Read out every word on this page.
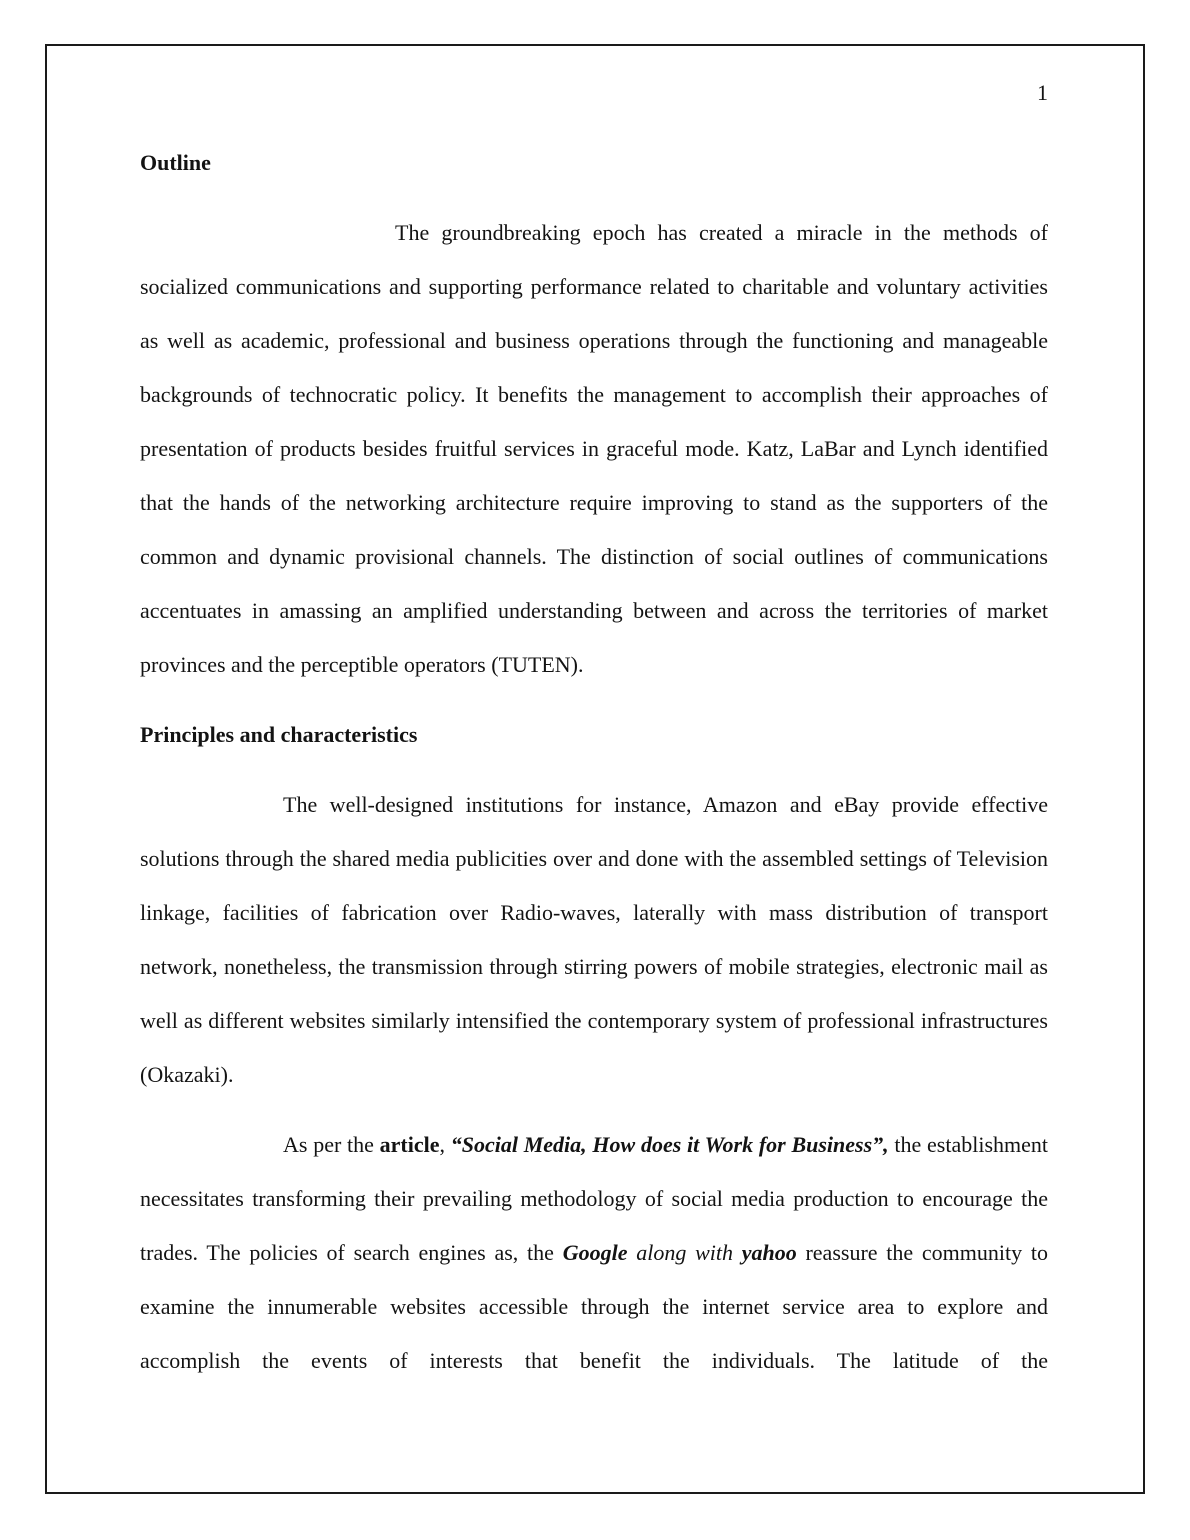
1

Outline

The groundbreaking epoch has created a miracle in the methods of socialized communications and supporting performance related to charitable and voluntary activities as well as academic, professional and business operations through the functioning and manageable backgrounds of technocratic policy. It benefits the management to accomplish their approaches of presentation of products besides fruitful services in graceful mode. Katz, LaBar and Lynch identified that the hands of the networking architecture require improving to stand as the supporters of the common and dynamic provisional channels. The distinction of social outlines of communications accentuates in amassing an amplified understanding between and across the territories of market provinces and the perceptible operators (TUTEN).

Principles and characteristics

The well-designed institutions for instance, Amazon and eBay provide effective solutions through the shared media publicities over and done with the assembled settings of Television linkage, facilities of fabrication over Radio-waves, laterally with mass distribution of transport network, nonetheless, the transmission through stirring powers of mobile strategies, electronic mail as well as different websites similarly intensified the contemporary system of professional infrastructures (Okazaki).

As per the article, “Social Media, How does it Work for Business”, the establishment necessitates transforming their prevailing methodology of social media production to encourage the trades. The policies of search engines as, the Google along with yahoo reassure the community to examine the innumerable websites accessible through the internet service area to explore and accomplish the events of interests that benefit the individuals. The latitude of the
